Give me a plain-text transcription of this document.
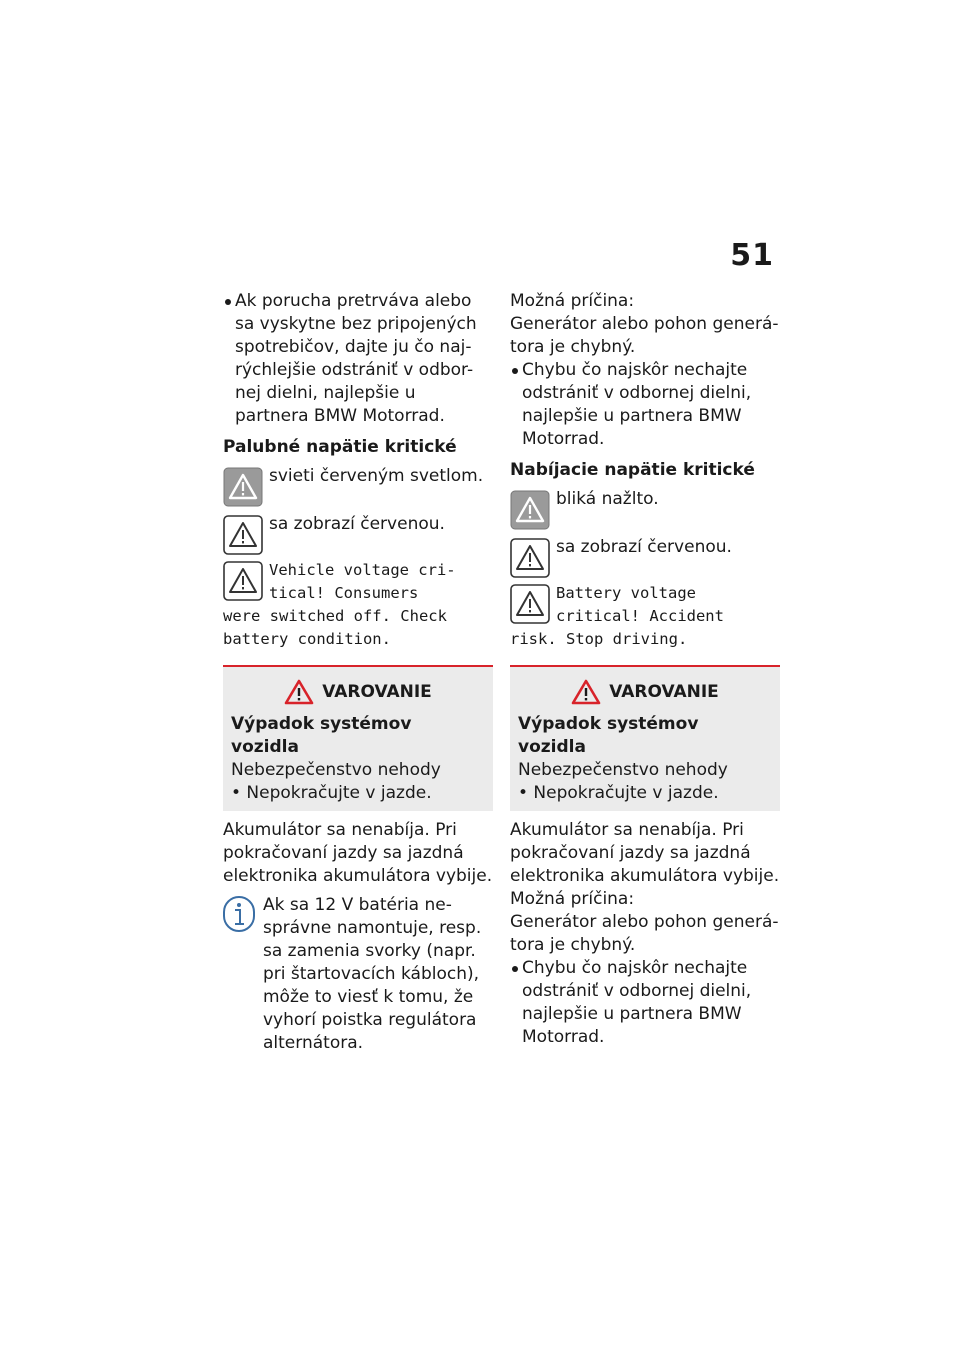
51
Ak porucha pretrváva alebo sa vyskytne bez pripojených spotrebičov, dajte ju čo naj-rýchlejšie odstrániť v odbor-nej dielni, najlepšie u partnera BMW Motorrad.
Palubné napätie kritické
svieti červeným svetlom.
sa zobrazí červenou.
Vehicle voltage cri-
tical! Consumers
were switched off. Check battery condition.
VAROVANIE
Výpadok systémov vozidla
Nebezpečenstvo nehody
• Nepokračujte v jazde.
Akumulátor sa nenabíja. Pri pokračovaní jazdy sa jazdná elektronika akumulátora vybije.
Ak sa 12 V batéria ne-správne namontuje, resp. sa zamenia svorky (napr. pri štartovacích kábloch), môže to viesť k tomu, že vyhorí poistka regulátora alternátora.
Možná príčina:
Generátor alebo pohon generá-tora je chybný.
Chybu čo najskôr nechajte odstrániť v odbornej dielni, najlepšie u partnera BMW Motorrad.
Nabíjacie napätie kritické
bliká nažlto.
sa zobrazí červenou.
Battery voltage
critical! Accident
risk. Stop driving.
VAROVANIE
Výpadok systémov vozidla
Nebezpečenstvo nehody
• Nepokračujte v jazde.
Akumulátor sa nenabíja. Pri pokračovaní jazdy sa jazdná elektronika akumulátora vybije.
Možná príčina:
Generátor alebo pohon generá-tora je chybný.
Chybu čo najskôr nechajte odstrániť v odbornej dielni, najlepšie u partnera BMW Motorrad.
